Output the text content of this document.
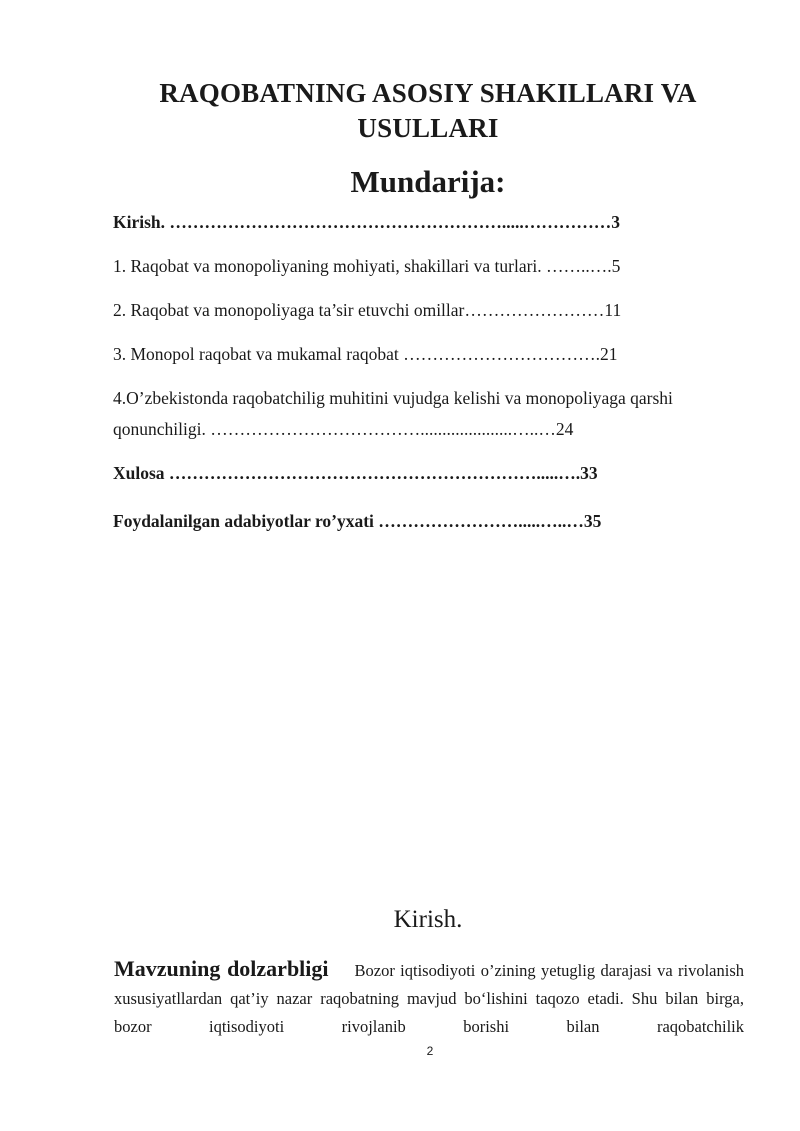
RAQOBATNING ASOSIY SHAKILLARI VA USULLARI
Mundarija:
Kirish. ………………………………………………….....……………3
1. Raqobat va monopoliyaning mohiyati, shakillari va turlari. ……..….5
2. Raqobat va monopoliyaga ta’sir etuvchi omillar……………………11
3. Monopol raqobat va mukamal raqobat …………………………….21
4.O’zbekistonda raqobatchilig muhitini vujudga kelishi va monopoliyaga qarshi qonunchiligi. ……………………………….....................…..…24
Xulosa ……………………………………………………….....….33
Foydalanilgan adabiyotlar ro’yxati …………………….....…..…35
Kirish.
Mavzuning dolzarbligi Bozor iqtisodiyoti o’zining yetuglig darajasi va rivolanish xususiyatllardan qat’iy nazar raqobatning mavjud bo‘lishini taqozo etadi. Shu bilan birga, bozor iqtisodiyoti rivojlanib borishi bilan raqobatchilik
2
